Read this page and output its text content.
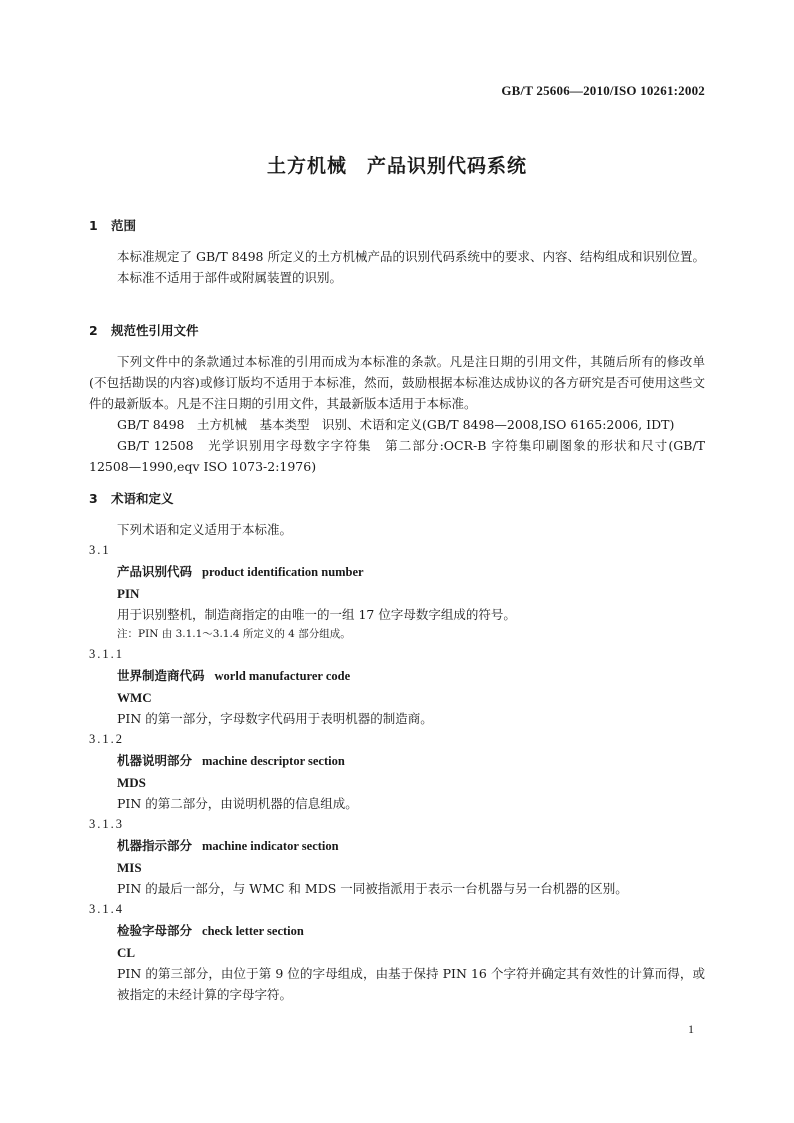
GB/T 25606—2010/ISO 10261:2002
土方机械　产品识别代码系统
1 范围

本标准规定了 GB/T 8498 所定义的土方机械产品的识别代码系统中的要求、内容、结构组成和识别位置。

本标准不适用于部件或附属装置的识别。

2 规范性引用文件

下列文件中的条款通过本标准的引用而成为本标准的条款。凡是注日期的引用文件，其随后所有的修改单(不包括勘误的内容)或修订版均不适用于本标准，然而，鼓励根据本标准达成协议的各方研究是否可使用这些文件的最新版本。凡是不注日期的引用文件，其最新版本适用于本标准。

GB/T 8498　土方机械　基本类型　识别、术语和定义(GB/T 8498—2008,ISO 6165:2006, IDT)

GB/T 12508　光学识别用字母数字字符集　第二部分:OCR-B 字符集印刷图象的形状和尺寸(GB/T 12508—1990,eqv ISO 1073-2:1976)

3 术语和定义

下列术语和定义适用于本标准。

3.1
产品识别代码 product identification number
PIN
用于识别整机，制造商指定的由唯一的一组 17 位字母数字组成的符号。
注：PIN 由 3.1.1～3.1.4 所定义的 4 部分组成。
3.1.1
世界制造商代码 world manufacturer code
WMC
PIN 的第一部分，字母数字代码用于表明机器的制造商。
3.1.2
机器说明部分 machine descriptor section
MDS
PIN 的第二部分，由说明机器的信息组成。
3.1.3
机器指示部分 machine indicator section
MIS
PIN 的最后一部分，与 WMC 和 MDS 一同被指派用于表示一台机器与另一台机器的区别。
3.1.4
检验字母部分 check letter section
CL
PIN 的第三部分，由位于第 9 位的字母组成，由基于保持 PIN 16 个字符并确定其有效性的计算而得，或被指定的未经计算的字母字符。
1
